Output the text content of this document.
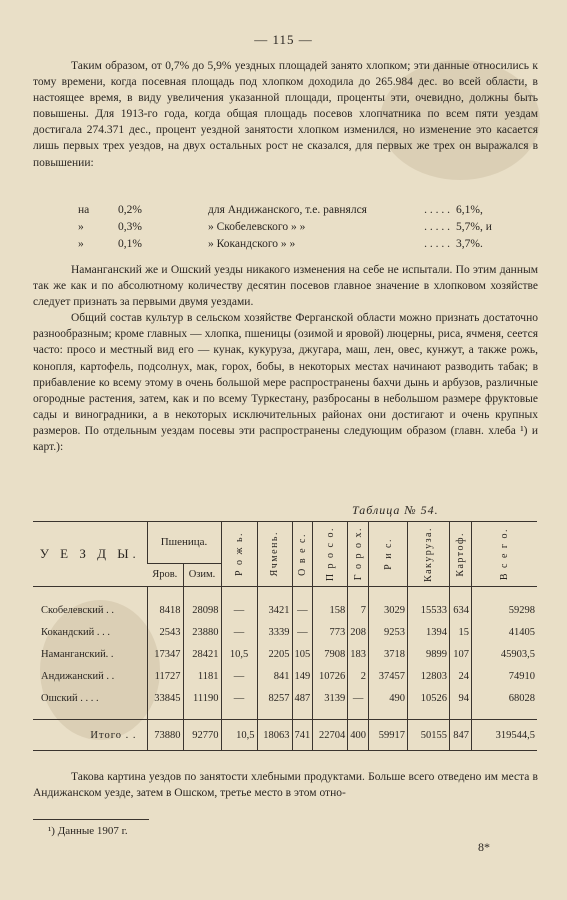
— 115 —

Таким образом, от 0,7% до 5,9% уездных площадей занято хлопком; эти данные относились к тому времени, когда посевная площадь под хлопком доходила до 265.984 дес. во всей области, в настоящее время, в виду увеличения указанной площади, проценты эти, очевидно, должны быть повышены. Для 1913-го года, когда общая площадь посевов хлопчатника по всем пяти уездам достигала 274.371 дес., процент уездной занятости хлопком изменился, но изменение это касается лишь первых трех уездов, на двух остальных рост не сказался, для первых же трех он выражался в повышении:

на	0,2%	для Андижанского, т.е. равнялся	. . . . . 6,1%,
»	0,3%	» Скобелевского » »	. . . . . 5,7%, и
»	0,1%	» Кокандского » »	. . . . . 3,7%.

Наманганский же и Ошский уезды никакого изменения на себе не испытали. По этим данным так же как и по абсолютному количеству десятин посевов главное значение в хлопковом хозяйстве следует признать за первыми двумя уездами.

Общий состав культур в сельском хозяйстве Ферганской области можно признать достаточно разнообразным; кроме главных — хлопка, пшеницы (озимой и яровой) люцерны, риса, ячменя, сеется часто: просо и местный вид его — кунак, кукуруза, джугара, маш, лен, овес, кунжут, а также рожь, конопля, картофель, подсолнух, мак, горох, бобы, в некоторых местах начинают разводить табак; в прибавление ко всему этому в очень большой мере распространены бахчи дынь и арбузов, различные огородные растения, затем, как и по всему Туркестану, разбросаны в небольшом размере фруктовые сады и виноградники, а в некоторых исключительных районах они достигают и очень крупных размеров. По отдельным уездам посевы эти распространены следующим образом (главн. хлеба ¹) и карт.):

Таблица № 54.
У Е З Д Ы.	Пшеница.		Р о ж ь.	Ячмень.	О в е с.	П р о с о.	Г о р о х.	Р и с.	Какуруза.	Картоф.	В с е г о.

	Яров.	Озим.									
Скобелевский . .	8418	28098	—	3421	—	158	7	3029	15533	634	59298
Кокандский . . .	2543	23880	—	3339	—	773	208	9253	1394	15	41405
Наманганский. .	17347	28421	10,5	2205	105	7908	183	3718	9899	107	45903,5
Андижанский . .	11727	1181	—	841	149	10726	2	37457	12803	24	74910
Ошский . . . .	33845	11190	—	8257	487	3139	—	490	10526	94	68028
Итого . .	73880	92770	10,5	18063	741	22704	400	59917	50155	847	319544,5

Такова картина уездов по занятости хлебными продуктами. Больше всего отведено им места в Андижанском уезде, затем в Ошском, третье место в этом отно-

¹) Данные 1907 г.
8*
